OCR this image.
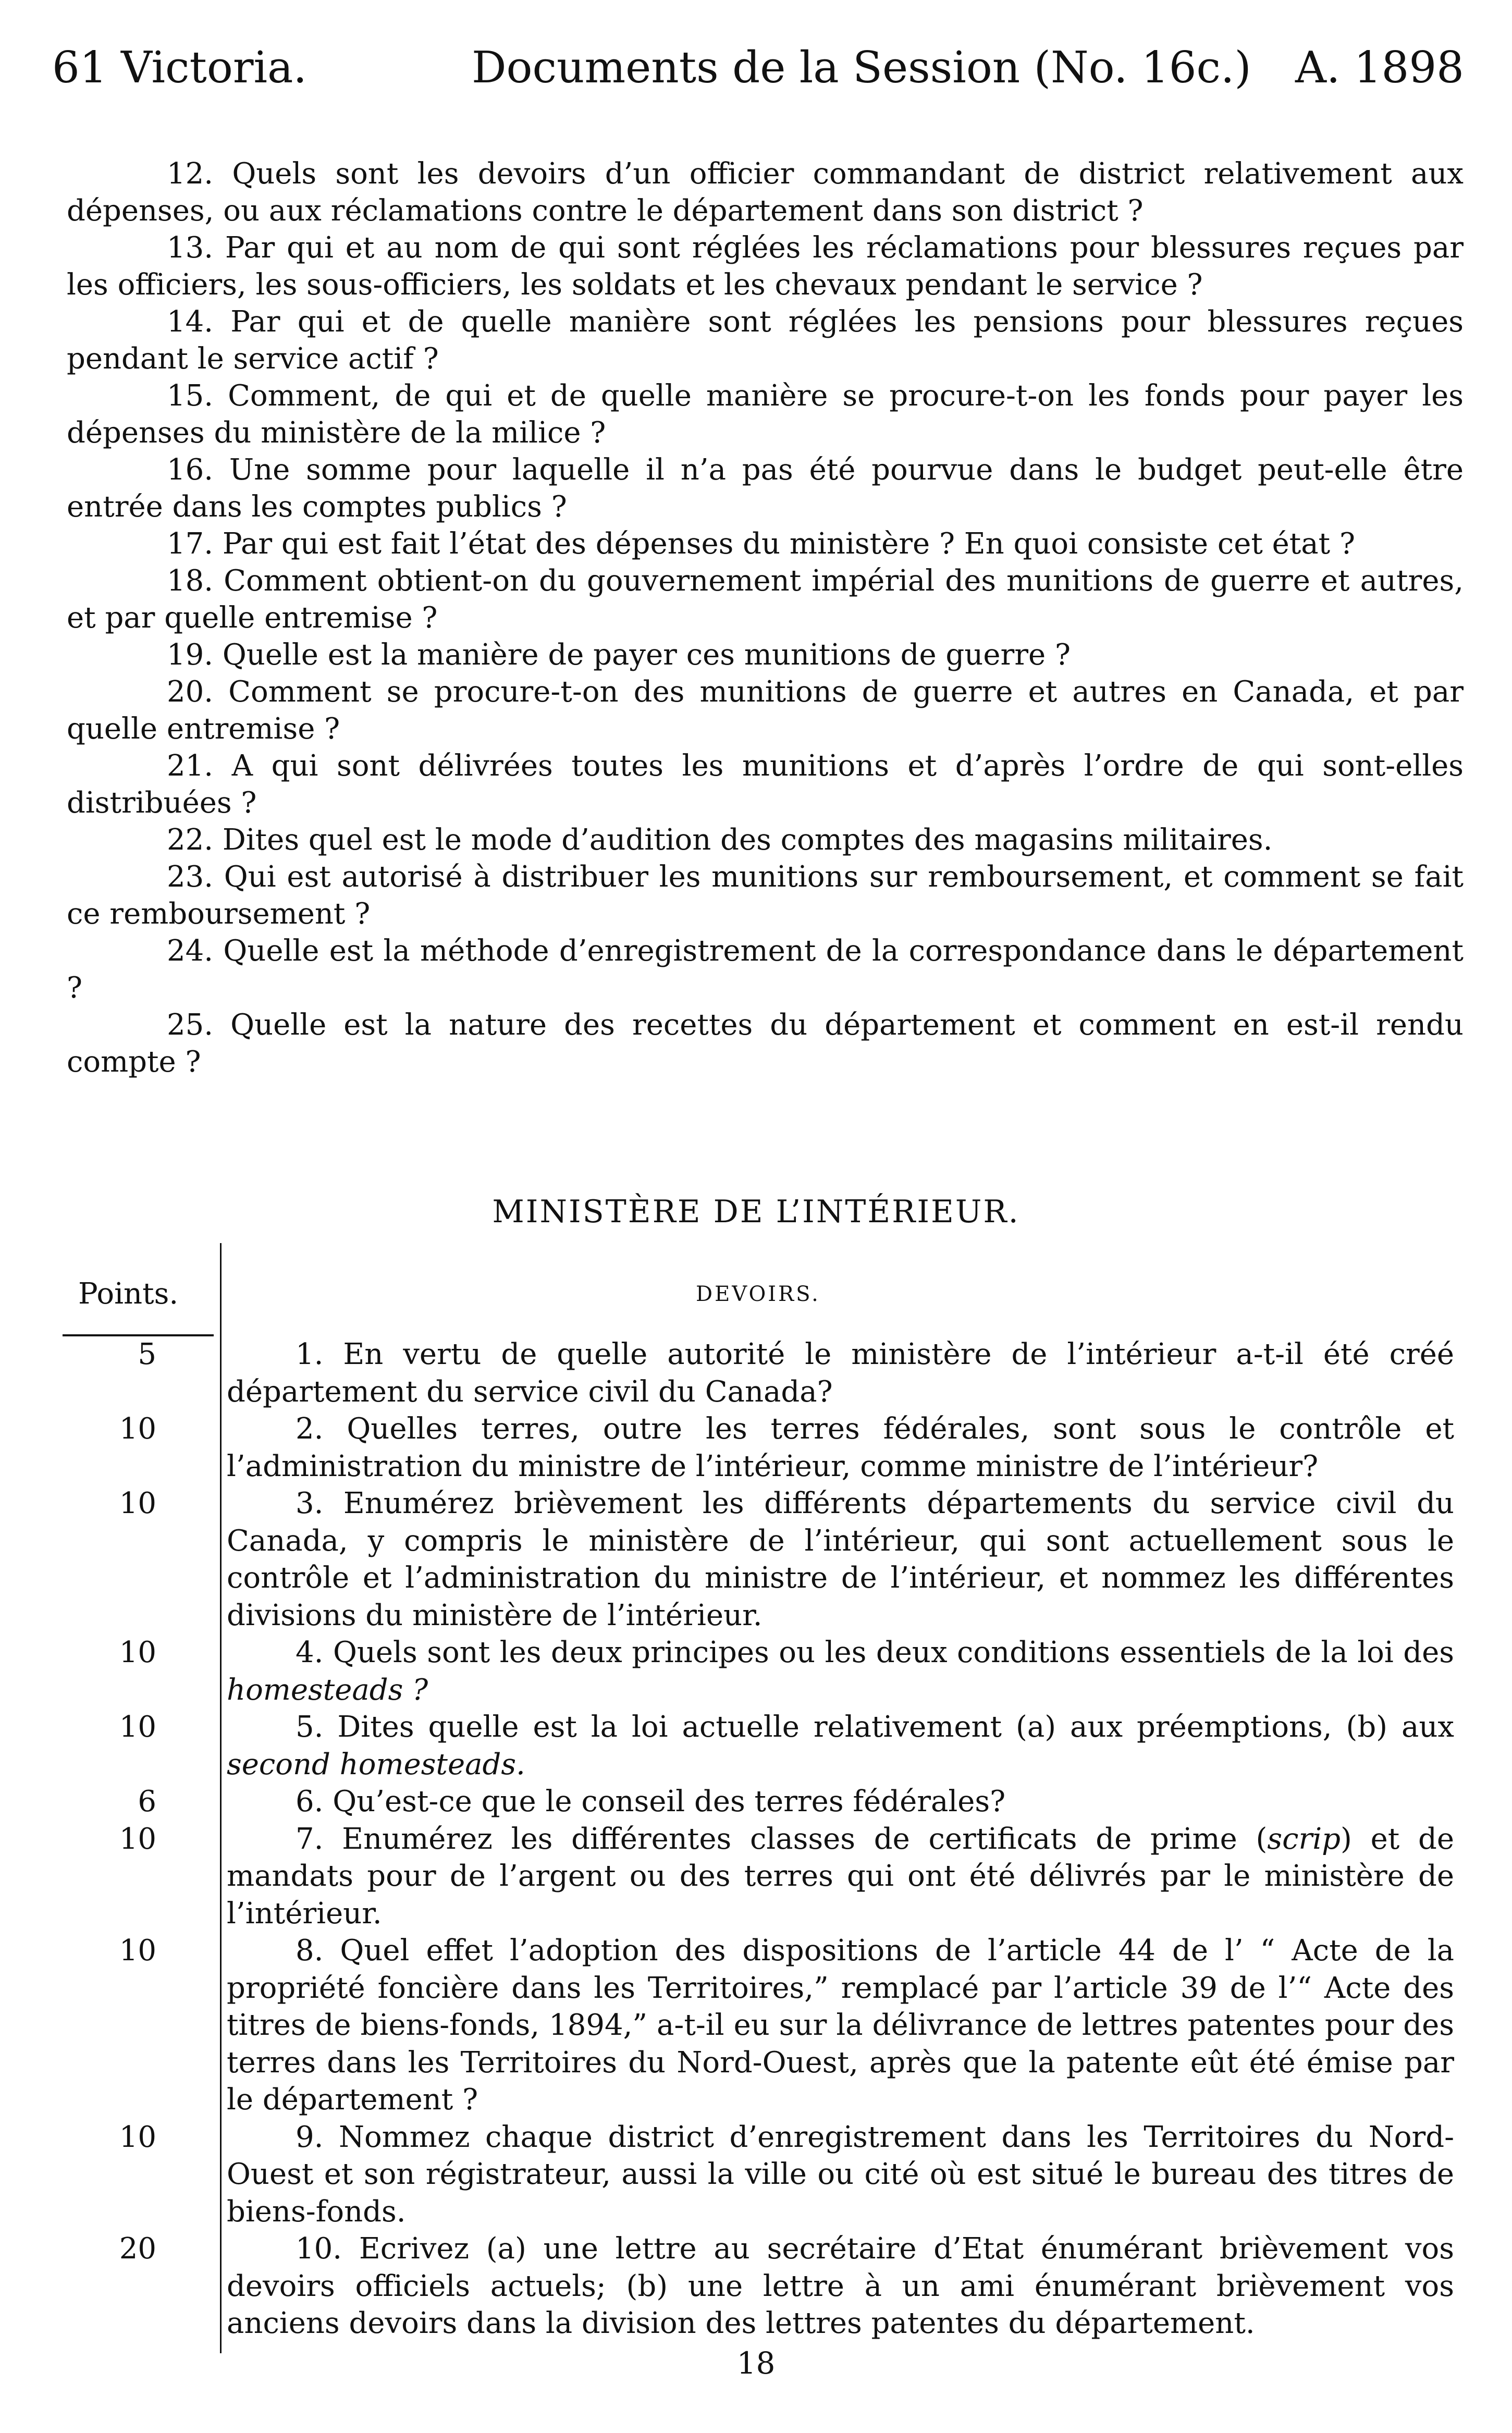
61 Victoria.	Documents de la Session (No. 16c.) A. 1898

12. Quels sont les devoirs d’un officier commandant de district relativement aux dépenses, ou aux réclamations contre le département dans son district ?

13. Par qui et au nom de qui sont réglées les réclamations pour blessures reçues par les officiers, les sous-officiers, les soldats et les chevaux pendant le service ?

14. Par qui et de quelle manière sont réglées les pensions pour blessures reçues pendant le service actif ?

15. Comment, de qui et de quelle manière se procure-t-on les fonds pour payer les dépenses du ministère de la milice ?

16. Une somme pour laquelle il n’a pas été pourvue dans le budget peut-elle être entrée dans les comptes publics ?

17. Par qui est fait l’état des dépenses du ministère ? En quoi consiste cet état ?

18. Comment obtient-on du gouvernement impérial des munitions de guerre et autres, et par quelle entremise ?

19. Quelle est la manière de payer ces munitions de guerre ?

20. Comment se procure-t-on des munitions de guerre et autres en Canada, et par quelle entremise ?

21. A qui sont délivrées toutes les munitions et d’après l’ordre de qui sont-elles distribuées ?

22. Dites quel est le mode d’audition des comptes des magasins militaires.

23. Qui est autorisé à distribuer les munitions sur remboursement, et comment se fait ce remboursement ?

24. Quelle est la méthode d’enregistrement de la correspondance dans le département ?

25. Quelle est la nature des recettes du département et comment en est-il rendu compte ?

MINISTÈRE DE L’INTÉRIEUR.
Points.	DEVOIRS.
5	1. En vertu de quelle autorité le ministère de l’intérieur a-t-il été créé département du service civil du Canada?
10	2. Quelles terres, outre les terres fédérales, sont sous le contrôle et l’administration du ministre de l’intérieur, comme ministre de l’intérieur?
10	3. Enumérez brièvement les différents départements du service civil du Canada, y compris le ministère de l’intérieur, qui sont actuellement sous le contrôle et l’administration du ministre de l’intérieur, et nommez les différentes divisions du ministère de l’intérieur.
10	4. Quels sont les deux principes ou les deux conditions essentiels de la loi des homesteads ?
10	5. Dites quelle est la loi actuelle relativement (a) aux préemptions, (b) aux second homesteads.
6	6. Qu’est-ce que le conseil des terres fédérales?
10	7. Enumérez les différentes classes de certificats de prime (scrip) et de mandats pour de l’argent ou des terres qui ont été délivrés par le ministère de l’intérieur.
10	8. Quel effet l’adoption des dispositions de l’article 44 de l’ “ Acte de la propriété foncière dans les Territoires,” remplacé par l’article 39 de l’“ Acte des titres de biens-fonds, 1894,” a-t-il eu sur la délivrance de lettres patentes pour des terres dans les Territoires du Nord-Ouest, après que la patente eût été émise par le département ?
10	9. Nommez chaque district d’enregistrement dans les Territoires du Nord-Ouest et son régistrateur, aussi la ville ou cité où est situé le bureau des titres de biens-fonds.
20	10. Ecrivez (a) une lettre au secrétaire d’Etat énumérant brièvement vos devoirs officiels actuels; (b) une lettre à un ami énumérant brièvement vos anciens devoirs dans la division des lettres patentes du département.
18
